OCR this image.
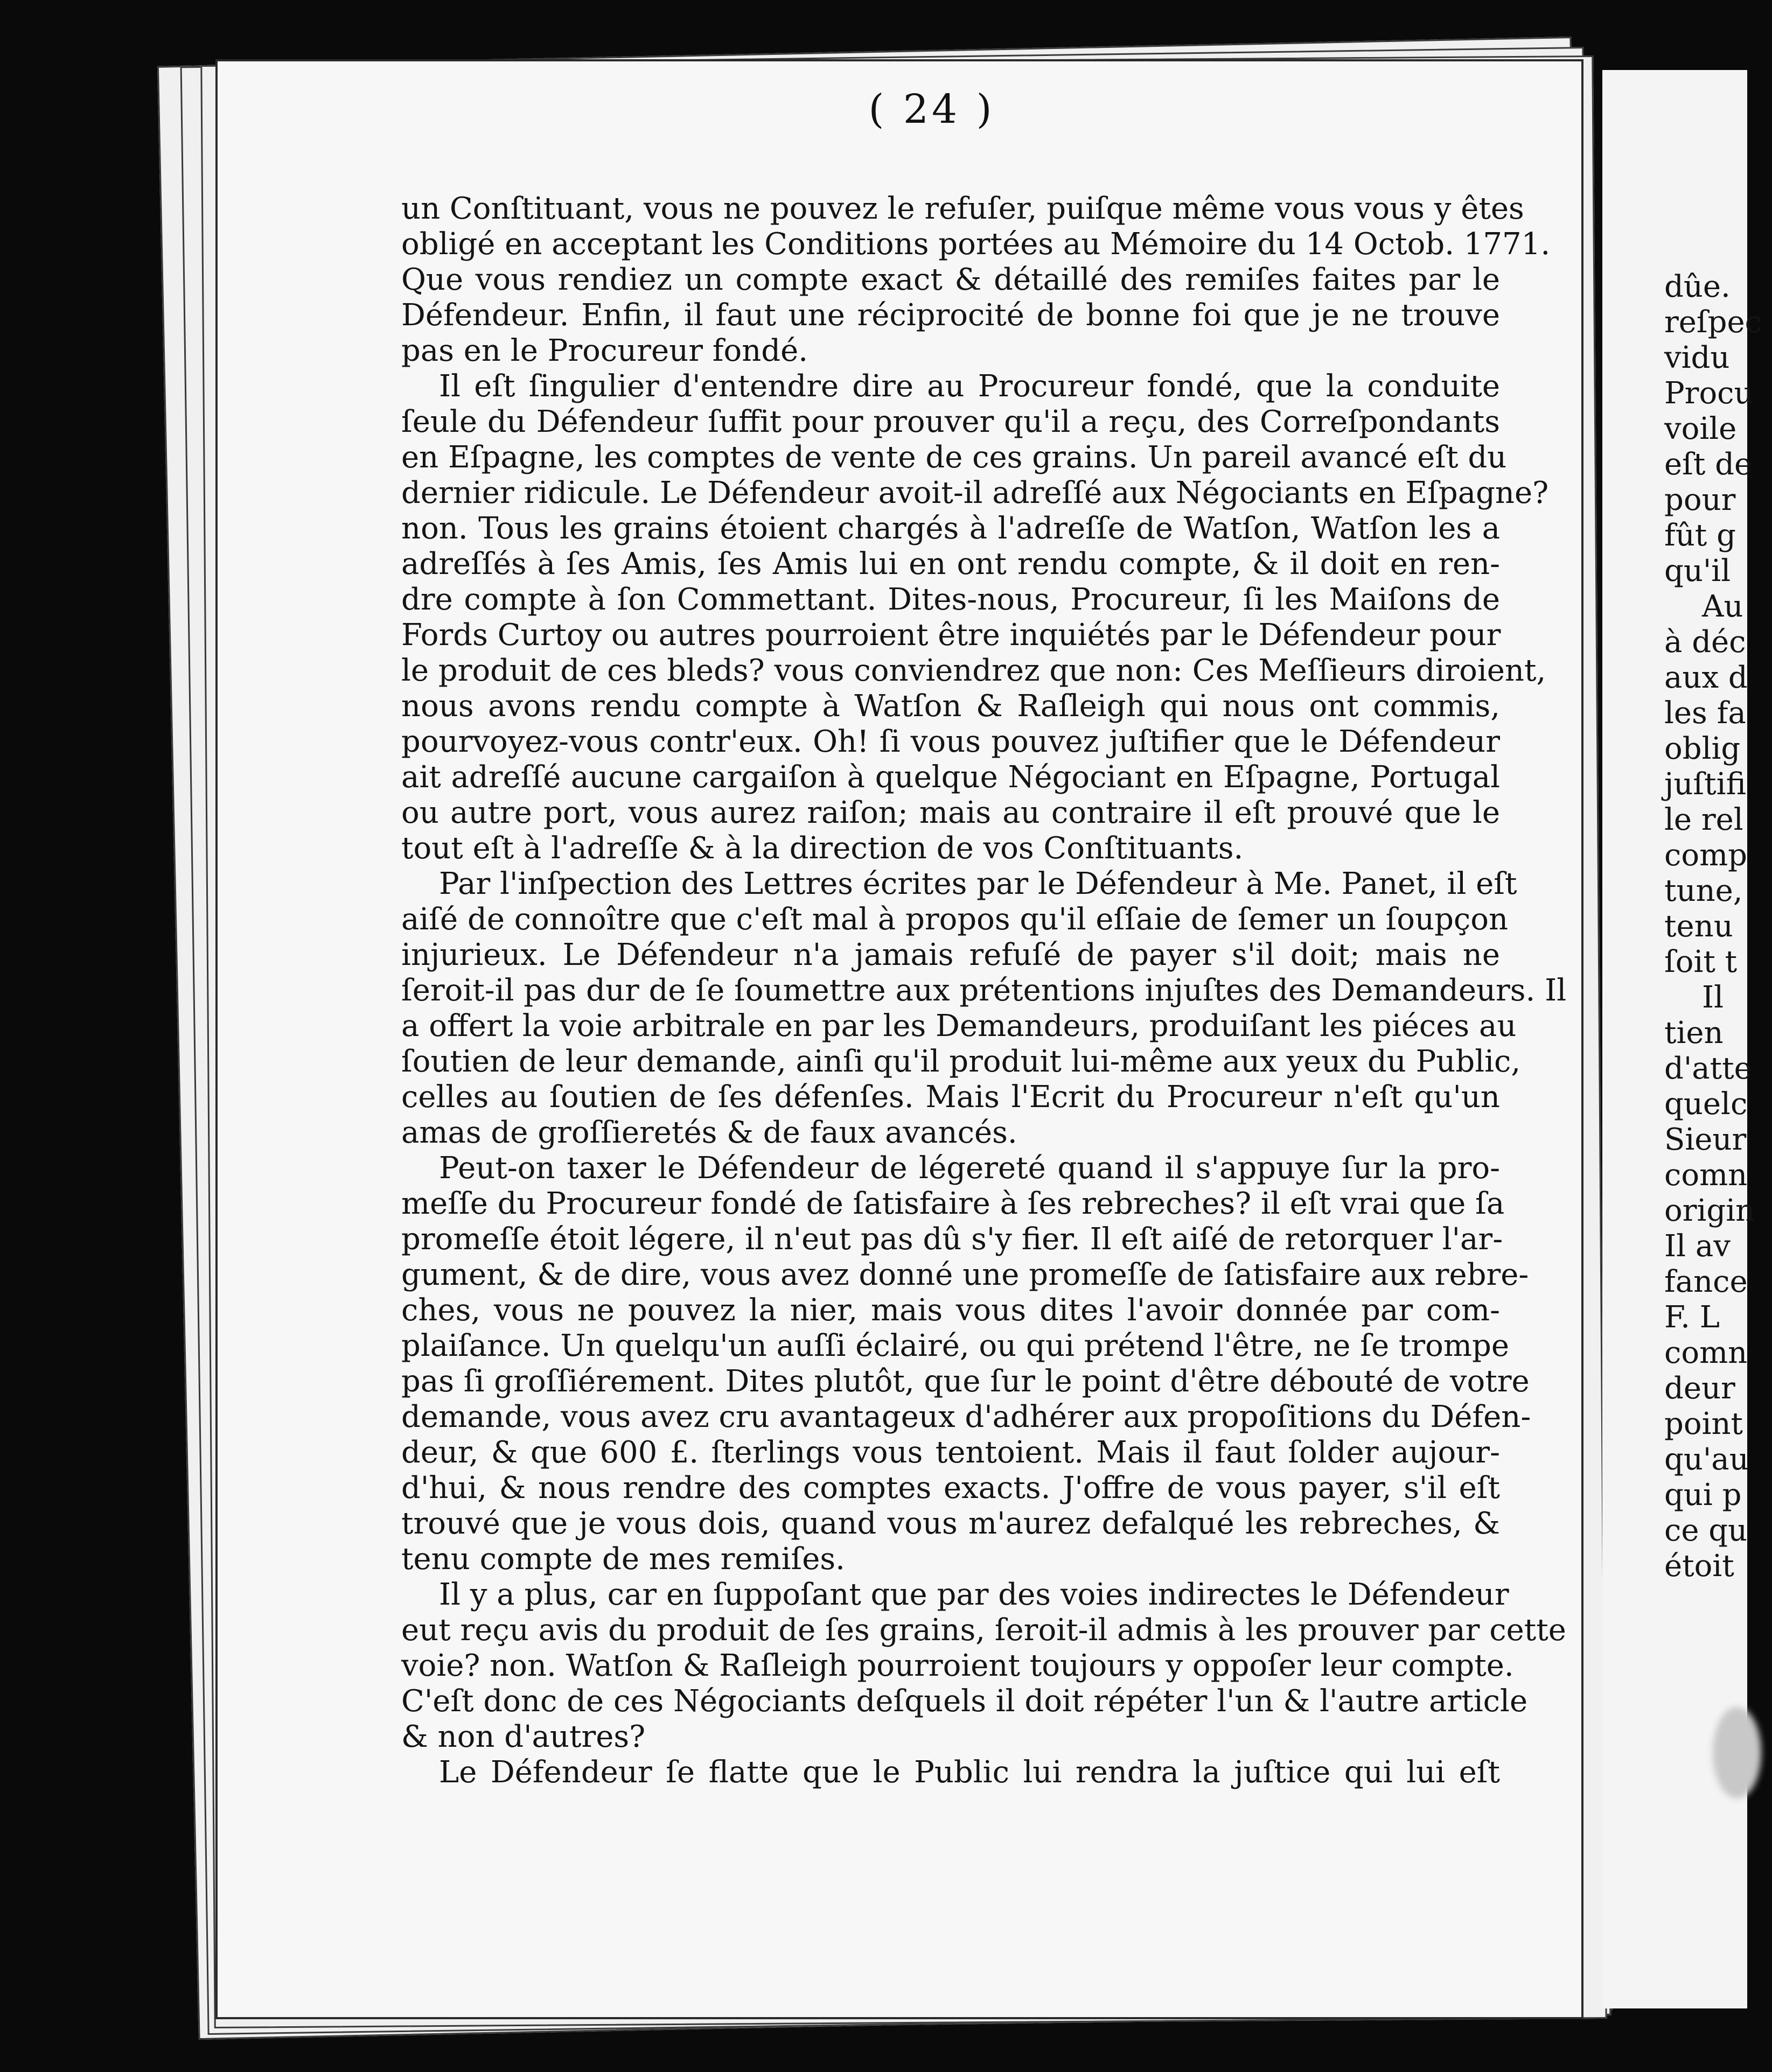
( 24 )
un Conſtituant, vous ne pouvez le refuſer, puiſque même vous vous y êtes
obligé en acceptant les Conditions portées au Mémoire du 14 Octob. 1771.
Que vous rendiez un compte exact & détaillé des remiſes faites par le
Défendeur. Enfin, il faut une réciprocité de bonne foi que je ne trouve
pas en le Procureur fondé.
Il eſt ſingulier d'entendre dire au Procureur fondé, que la conduite
ſeule du Défendeur ſuffit pour prouver qu'il a reçu, des Correſpondants
en Eſpagne, les comptes de vente de ces grains. Un pareil avancé eſt du
dernier ridicule. Le Défendeur avoit-il adreſſé aux Négociants en Eſpagne?
non. Tous les grains étoient chargés à l'adreſſe de Watſon, Watſon les a
adreſſés à ſes Amis, ſes Amis lui en ont rendu compte, & il doit en ren-
dre compte à ſon Commettant. Dites-nous, Procureur, ſi les Maiſons de
Fords Curtoy ou autres pourroient être inquiétés par le Défendeur pour
le produit de ces bleds? vous conviendrez que non: Ces Meſſieurs diroient,
nous avons rendu compte à Watſon & Raſleigh qui nous ont commis,
pourvoyez-vous contr'eux. Oh! ſi vous pouvez juſtifier que le Défendeur
ait adreſſé aucune cargaiſon à quelque Négociant en Eſpagne, Portugal
ou autre port, vous aurez raiſon; mais au contraire il eſt prouvé que le
tout eſt à l'adreſſe & à la direction de vos Conſtituants.
Par l'inſpection des Lettres écrites par le Défendeur à Me. Panet, il eſt
aiſé de connoître que c'eſt mal à propos qu'il eſſaie de ſemer un ſoupçon
injurieux. Le Défendeur n'a jamais refuſé de payer s'il doit; mais ne
ſeroit-il pas dur de ſe ſoumettre aux prétentions injuſtes des Demandeurs. Il
a offert la voie arbitrale en par les Demandeurs, produiſant les piéces au
ſoutien de leur demande, ainſi qu'il produit lui-même aux yeux du Public,
celles au ſoutien de ſes défenſes. Mais l'Ecrit du Procureur n'eſt qu'un
amas de groſſieretés & de faux avancés.
Peut-on taxer le Défendeur de légereté quand il s'appuye ſur la pro-
meſſe du Procureur fondé de ſatisfaire à ſes rebreches? il eſt vrai que ſa
promeſſe étoit légere, il n'eut pas dû s'y fier. Il eſt aiſé de retorquer l'ar-
gument, & de dire, vous avez donné une promeſſe de ſatisfaire aux rebre-
ches, vous ne pouvez la nier, mais vous dites l'avoir donnée par com-
plaiſance. Un quelqu'un auſſi éclairé, ou qui prétend l'être, ne ſe trompe
pas ſi groſſiérement. Dites plutôt, que ſur le point d'être débouté de votre
demande, vous avez cru avantageux d'adhérer aux propoſitions du Défen-
deur, & que 600 £. ſterlings vous tentoient. Mais il faut ſolder aujour-
d'hui, & nous rendre des comptes exacts. J'offre de vous payer, s'il eſt
trouvé que je vous dois, quand vous m'aurez defalqué les rebreches, &
tenu compte de mes remiſes.
Il y a plus, car en ſuppoſant que par des voies indirectes le Défendeur
eut reçu avis du produit de ſes grains, ſeroit-il admis à les prouver par cette
voie? non. Watſon & Raſleigh pourroient toujours y oppoſer leur compte.
C'eſt donc de ces Négociants deſquels il doit répéter l'un & l'autre article
& non d'autres?
Le Défendeur ſe flatte que le Public lui rendra la juſtice qui lui eſt
dûe.
reſpec
vidu
Procu
voile
eſt de
pour
fût g
qu'il
Au
à déc
aux d
les fa
oblig
juſtifi
le rel
comp
tune,
tenu
ſoit t
Il
tien
d'atte
quelc
Sieur
comn
origin
Il av
fance
F. L
comn
deur
point
qu'au
qui p
ce qu
étoit
